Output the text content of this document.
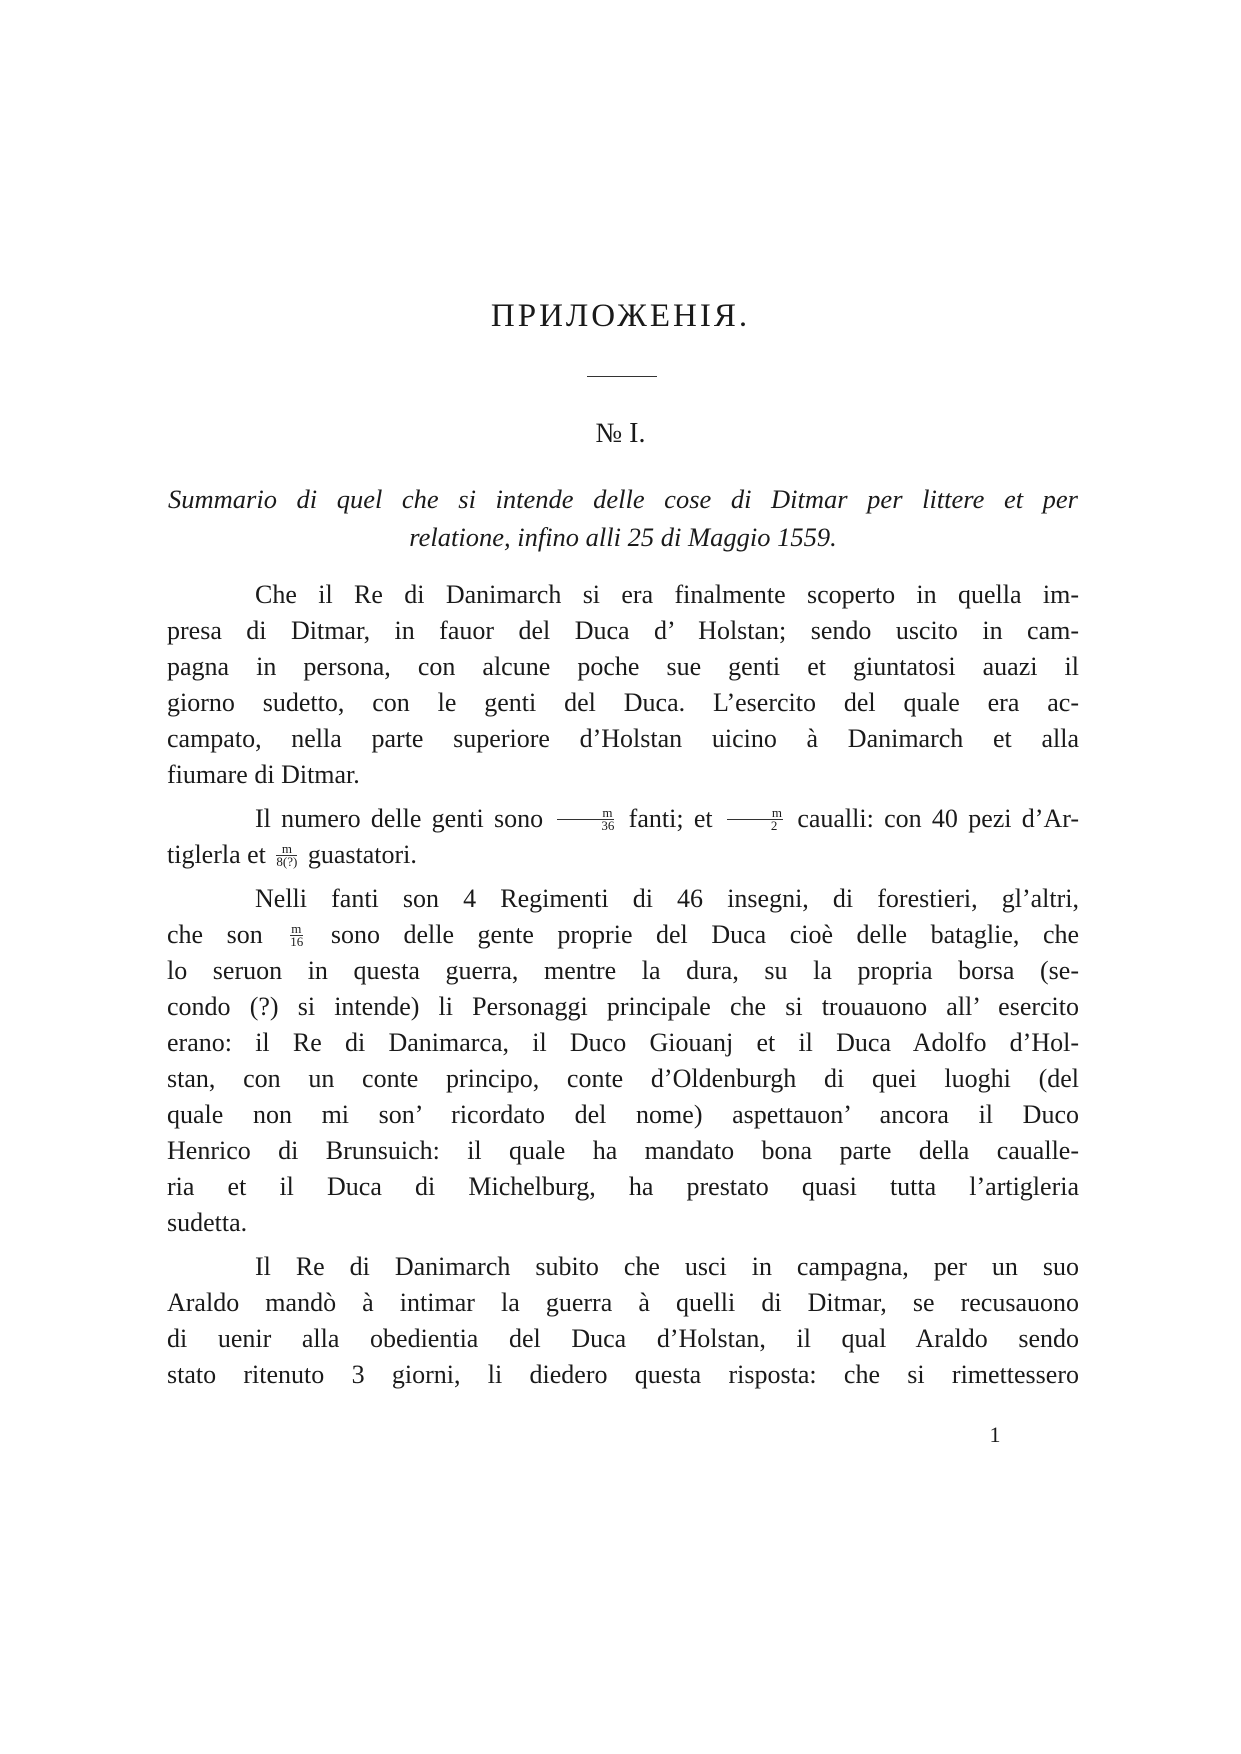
ПРИЛОЖЕНІЯ.
№ I.
Summario di quel che si intende delle cose di Ditmar per littere et per
relatione, infino alli 25 di Maggio 1559.

Che il Re di Danimarch si era finalmente scoperto in quella im-
presa di Ditmar, in fauor del Duca d’ Holstan; sendo uscito in cam-
pagna in persona, con alcune poche sue genti et giuntatosi auazi il
giorno sudetto, con le genti del Duca. L’esercito del quale era ac-
campato, nella parte superiore d’Holstan uicino à Danimarch et alla
fiumare di Ditmar.

Il numero delle genti sono $\frac{m}{36}$ fanti; et $\frac{m}{2}$ caualli: con 40 pezi d’Ar-
tiglerla et $\frac{m}{8(?)}$ guastatori.

Nelli fanti son 4 Regimenti di 46 insegni, di forestieri, gl’altri,
che son $\frac{m}{16}$ sono delle gente proprie del Duca cioè delle bataglie, che
lo seruon in questa guerra, mentre la dura, su la propria borsa (se-
condo (?) si intende) li Personaggi principale che si trouauono all’ esercito
erano: il Re di Danimarca, il Duco Giouanj et il Duca Adolfo d’Hol-
stan, con un conte principo, conte d’Oldenburgh di quei luoghi (del
quale non mi son’ ricordato del nome) aspettauon’ ancora il Duco
Henrico di Brunsuich: il quale ha mandato bona parte della caualle-
ria et il Duca di Michelburg, ha prestato quasi tutta l’artigleria
sudetta.

Il Re di Danimarch subito che usci in campagna, per un suo
Araldo mandò à intimar la guerra à quelli di Ditmar, se recusauono
di uenir alla obedientia del Duca d’Holstan, il qual Araldo sendo
stato ritenuto 3 giorni, li diedero questa risposta: che si rimettessero

1
